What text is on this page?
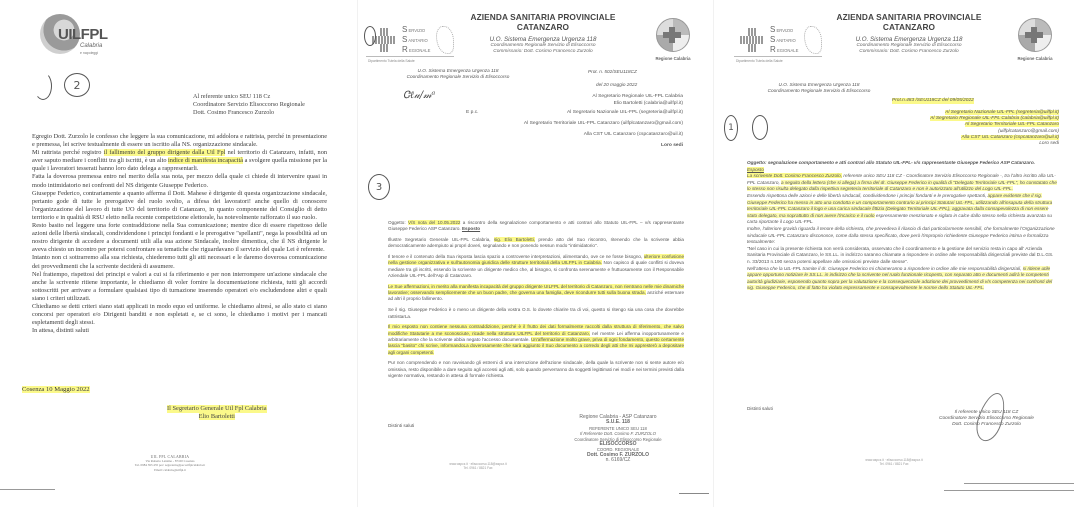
UILFPL
Calabria
e napoleggi
2
Al referente unico SEU 118 Cz
Coordinatore Servizio Elisoccorso Regionale
Dott. Cosimo Francesco Zurzolo

Egregio Dott. Zurzolo le confesso che leggere la sua comunicazione, mi addolora e rattrista, perché in presentazione e premessa, lei scrive testualmente di essere un iscritto alla NS. organizzazione sindacale.

Mi rattrista perché registro il fallimento del gruppo dirigente dalla Uil Fpl nel territorio di Catanzaro, infatti, non aver saputo mediare i conflitti tra gli iscritti, è un alto indice di manifesta incapacità a svolgere quella missione per la quale i lavoratori tesserati hanno loro dato delega a rappresentarli.

Fatta la doverosa premessa entro nel merito della sua nota, per mezzo della quale ci chiede di intervenire quasi in modo intimidatorio nei confronti del NS dirigente Giuseppe Federico.

Giuseppe Federico, contrariamente a quanto afferma il Dott. Mahese è dirigente di questa organizzazione sindacale, pertanto gode di tutte le prerogative del ruolo svolto, a difesa dei lavoratori! anche quello di conoscere l'organizzazione del lavoro di tutte UO del territorio di Catanzaro, in quanto componente del Consiglio di detto territorio e in qualità di RSU eletto nella recente competizione elettorale, ha notevolmente rafforzato il suo ruolo.

Resto basito nel leggere una forte contraddizione nella Sua comunicazione; mentre dice di essere rispettoso delle azioni delle libertà sindacali, condividendone i principi fondanti e le prerogative "spellanti", nega la possibilità ad un nostro dirigente di accedere a documenti utili alla sua azione Sindacale, inoltre dimentica, che il NS dirigente le aveva chiesto un incontro per potersi confrontare su tematiche che riguardavano il servizio del quale Lei è referente.

Intanto non ci sottrarremo alla sua richiesta, chiederemo tutti gli atti necessari e le daremo doverosa comunicazione dei provvedimenti che la scrivente deciderà di assumere.

Nel frattempo, rispettosi dei principi e valori a cui si fa riferimento e per non interrompere un'azione sindacale che anche la scrivente ritiene importante, le chiediamo di voler fornire la documentazione richiesta, tutti gli accordi sottoscritti per arrivare a formulare qualsiasi tipo di turnazione inserendo operatori e/o escludendone altri e quali siano i criteri utilizzati.

Chiediamo se detti criteri siano stati applicati in modo equo ed uniforme. le chiediamo altresì, se allo stato ci siano concorsi per operatori e/o Dirigenti banditi e non espletati e, se ci sono, le chiediamo i motivi per i mancati espletamenti degli stessi.

In attesa, distinti saluti

Cosenza 10 Maggio 2022
Il Segretario Generale Uil Fpl Calabria
Elio Bartoletti
UIL FPL CALABRIA
Via Roberto Lanzino - 87100 Cosenza
Tel. 0984 393 435 pec: segreteria@pec.uilfplcalabria.it
Email: calabria@uilfpl.it
S ERVIZIO
S ANITARIO
R EGIONALE
Dipartimento Tutela della Salute
AZIENDA SANITARIA PROVINCIALE
CATANZARO
U.O. Sistema Emergenza Urgenza 118
Coordinamento Regionale Servizio di Elisoccorso
Commissario: Dott. Cosimo Francesco Zurzolo
Regione Calabria
U.O. Sistema Emergenza Urgenza 118
Coordinamento Regionale Servizio di Elisoccorso
Prot. n. 502/SEU118CZ
del 20 maggio 2022
Ꮳℓ𝓊/𝓂ᵃ	Al Segretario Regionale UIL-FPL Calabria
Elio Bartoletti (calabria@uilfpl.it)
E p.c.	Al Segretario Nazionale UIL-FPL (segreteria@uilfpl.it)
Al Segretario Territoriale UIL-FPL Catanzaro (uilfplcatanzaro@gmail.com)
Alla CST UIL Catanzaro (cspcatanzaro@uil.it)
Loro sedi
3

Oggetto: V/S nota del 10.05.2022 a riscontro della segnalazione comportamento e atti contrari allo Statuto UIL-FPL – v/s rappresentante Giuseppe Federico ASP Catanzaro. Esposto

Illustre Segretario Generale UIL-FPL Calabria, sig. Elio Bartoletti, prendo atto del Suo riscontro, ritenendo che la scrivente abbia democraticamente adempiuto ai propri doveri, segnalando e non ponendo nessun modo "intimidatorio".

Il tenore e il contenuto della Sua risposta lascia spazio a controverse interpretazioni, alimentando, ove ce ne fosse bisogno, ulteriore confusione nella gestione organizzativa e sull'autonomia giuridica delle strutture territoriali della UILFPL in Calabria. Non capisco di quale conflitti si doveva mediare tra gli iscritti, essendo la scrivente un dirigente medico che, al bisogno, si confronta serenamente e fruttuosamente con il Responsabile Aziendale UIL-FPL dell'Asp di Catanzaro.

Le Sue affermazioni, in merito alla manifesta incapacità del gruppo dirigente UILFPL del territorio di Catanzaro, non rientrano nelle mie dinamiche lavorative; osservando semplicemente che un buon padre, che governa una famiglia, deve ricondurre tutti sulla buona strada, anziché esternare ad altri il proprio fallimento.

Se il sig. Giuseppe Federico è o meno un dirigente della vostra O.S. lo dovete chiarire tra di voi, questo si ritengo sia una cosa che dovrebbe rattristarLa.

Il mio esposto non contiene nessuna contraddizione, perché è il frutto dei dati formalmente raccolti dalla struttura di riferimento, che salvo modifiche Statutarie a me sconosciute, ricade nella struttura UILFPL del territorio di Catanzaro, nel mentre Lei afferma inopportunamente e arbitrariamente che la scrivente abbia negato l'accesso documentale. Un'affermazione molto grave, priva di ogni fondamento, questo certamente lascia "basito" chi scrive, informandoLa doverosamente che sarà aggiunto il Suo documento a corredo degli atti che mi appresterò a depositare agli organi competenti.

Pur non comprendendo e non ravvisando gli estremi di una interruzione dell'azione sindacale, della quale la scrivente non si sente autore e/o omissiva, resto disponibile a dare seguito agli accessi agli atti, solo quando perverranno da soggetti legittimati nei modi e nei termini previsti dalla vigente normativa, restando in attesa di formale richiesta.

Distinti saluti
Regione Calabria - ASP Catanzaro
S.U.E. 118
REFERENTE UNICO SEU 118
Il Referente Dott. Cosimo F. ZURZOLO
Coordinatore Servizio di Elisoccorso Regionale
ELISOCCORSO
COORD. REGIONALE
Dott. Cosimo F. ZURZOLO
n. 6169/CZ
www.aspcz.it · elisoccorso.118@aspcz.it
Tel. 0961 / 8821 Fax
S ERVIZIO
S ANITARIO
R EGIONALE
Dipartimento Tutela della Salute
AZIENDA SANITARIA PROVINCIALE
CATANZARO
U.O. Sistema Emergenza Urgenza 118
Coordinamento Regionale Servizio di Elisoccorso
Commissario: Dott. Cosimo Francesco Zurzolo
Regione Calabria
U.O. Sistema Emergenza Urgenza 118
Coordinamento Regionale Servizio di Elisoccorso
Prot.n.483 /SEU118CZ del 09/05/2022
Al Segretario Nazionale UIL-FPL (segreteria@uilfpl.it)
Al Segretario Regionale UIL-FPL Calabria (calabria@uilfpl.it)
Al Segretario Territoriale UIL-FPL Catanzaro
(uilfplcatanzaro@gmail.com)
Alla CST UIL Catanzaro (cspcatanzaro@uil.it)
Loro sedi
1
Oggetto: segnalazione comportamento e atti contrari allo Statuto UIL-FPL- v/s rappresentante Giuseppe Federico ASP Catanzaro.
Esposto
La scrivente Dott. Cosimo Francesco Zurzolo, referente unico SEU 118 CZ - Coordinatore Servizio Elisoccorso Regionale -, tra l'altro iscritto alla UIL-FPL Catanzaro, a seguito della lettera (che si allega) a firma del dr. Giuseppe Federico in qualità di "Delegato Territoriale UIL-FPL", ho constatato che lo stesso non risulta delegato dalla rispettiva segreteria territoriale di Catanzaro e non è autorizzato all'utilizzo del Logo UIL-FPL.
Essendo rispettosa delle azioni e delle libertà sindacali, condividendone i principi fondanti e le prerogative spettanti, appare evidente che il sig. Giuseppe Federico ha messo in atto una condotta e un comportamento contrario ai principi Statutari UIL-FPL, utilizzando all'insaputa della struttura territoriale UIL-FPL Catanzaro il logo e una carica sindacale fittizia (Delegato Territoriale UIL-FPL), aggravata dalla consapevolezza di non essere stato delegato, ma soprattutto di non avere l'incarico e il ruolo espressamente menzionato e siglato in calce dallo stesso nella richiesta avanzata su carta riportante il Logo UIL-FPL.
Inoltre, l'ulteriore gravità riguarda il tenore della richiesta, che prevedeva il rilascio di dati particolarmente sensibili, che formalmente l'Organizzazione sindacale UIL-FPL Catanzaro disconosce, come dalla stessa specificato, dove però l'improprio richiedente Giuseppe Federico intima e formalizza testualmente:
"Nel caso in cui la presente richiesta non verrà considerata, osservato che il coordinamento e la gestione del servizio resta in capo all' Azienda Sanitaria Provinciale di Catanzaro, le SS.LL. in indirizzo saranno chiamate a rispondere in ordine alle responsabilità dirigenziali previste dal D.L.GS. n. 33/2013 n.190 senza potersi appellare alle omissioni previste dalle stesse".
Nell'attesa che la UIL-FPL tramite il dr. Giuseppe Federico mi chiameranno a rispondere in ordine alle mie responsabilità dirigenziali, si ritiene utile appare opportuno notiziare le SS.LL. in indirizzo che la scrivente nel ruolo funzionale ricoperto, con separato atto e documenti adirà le competenti autorità giudiziarie, esponendo quanto sopra per la valutazione e la consequenziale adozione dei provvedimenti di v/s competenza nei confronti del sig. Giuseppe Federico, che di fatto ha violato espressamente e consapevolmente le norme dello Statuto UIL-FPL.
Distinti saluti
Il referente unico SEU 118 CZ
Coordinatore Servizio Elisoccorso Regionale
Dott. Cosimo Francesco Zurzolo
www.aspcz.it · elisoccorso.118@aspcz.it
Tel. 0961 / 8821 Fax
